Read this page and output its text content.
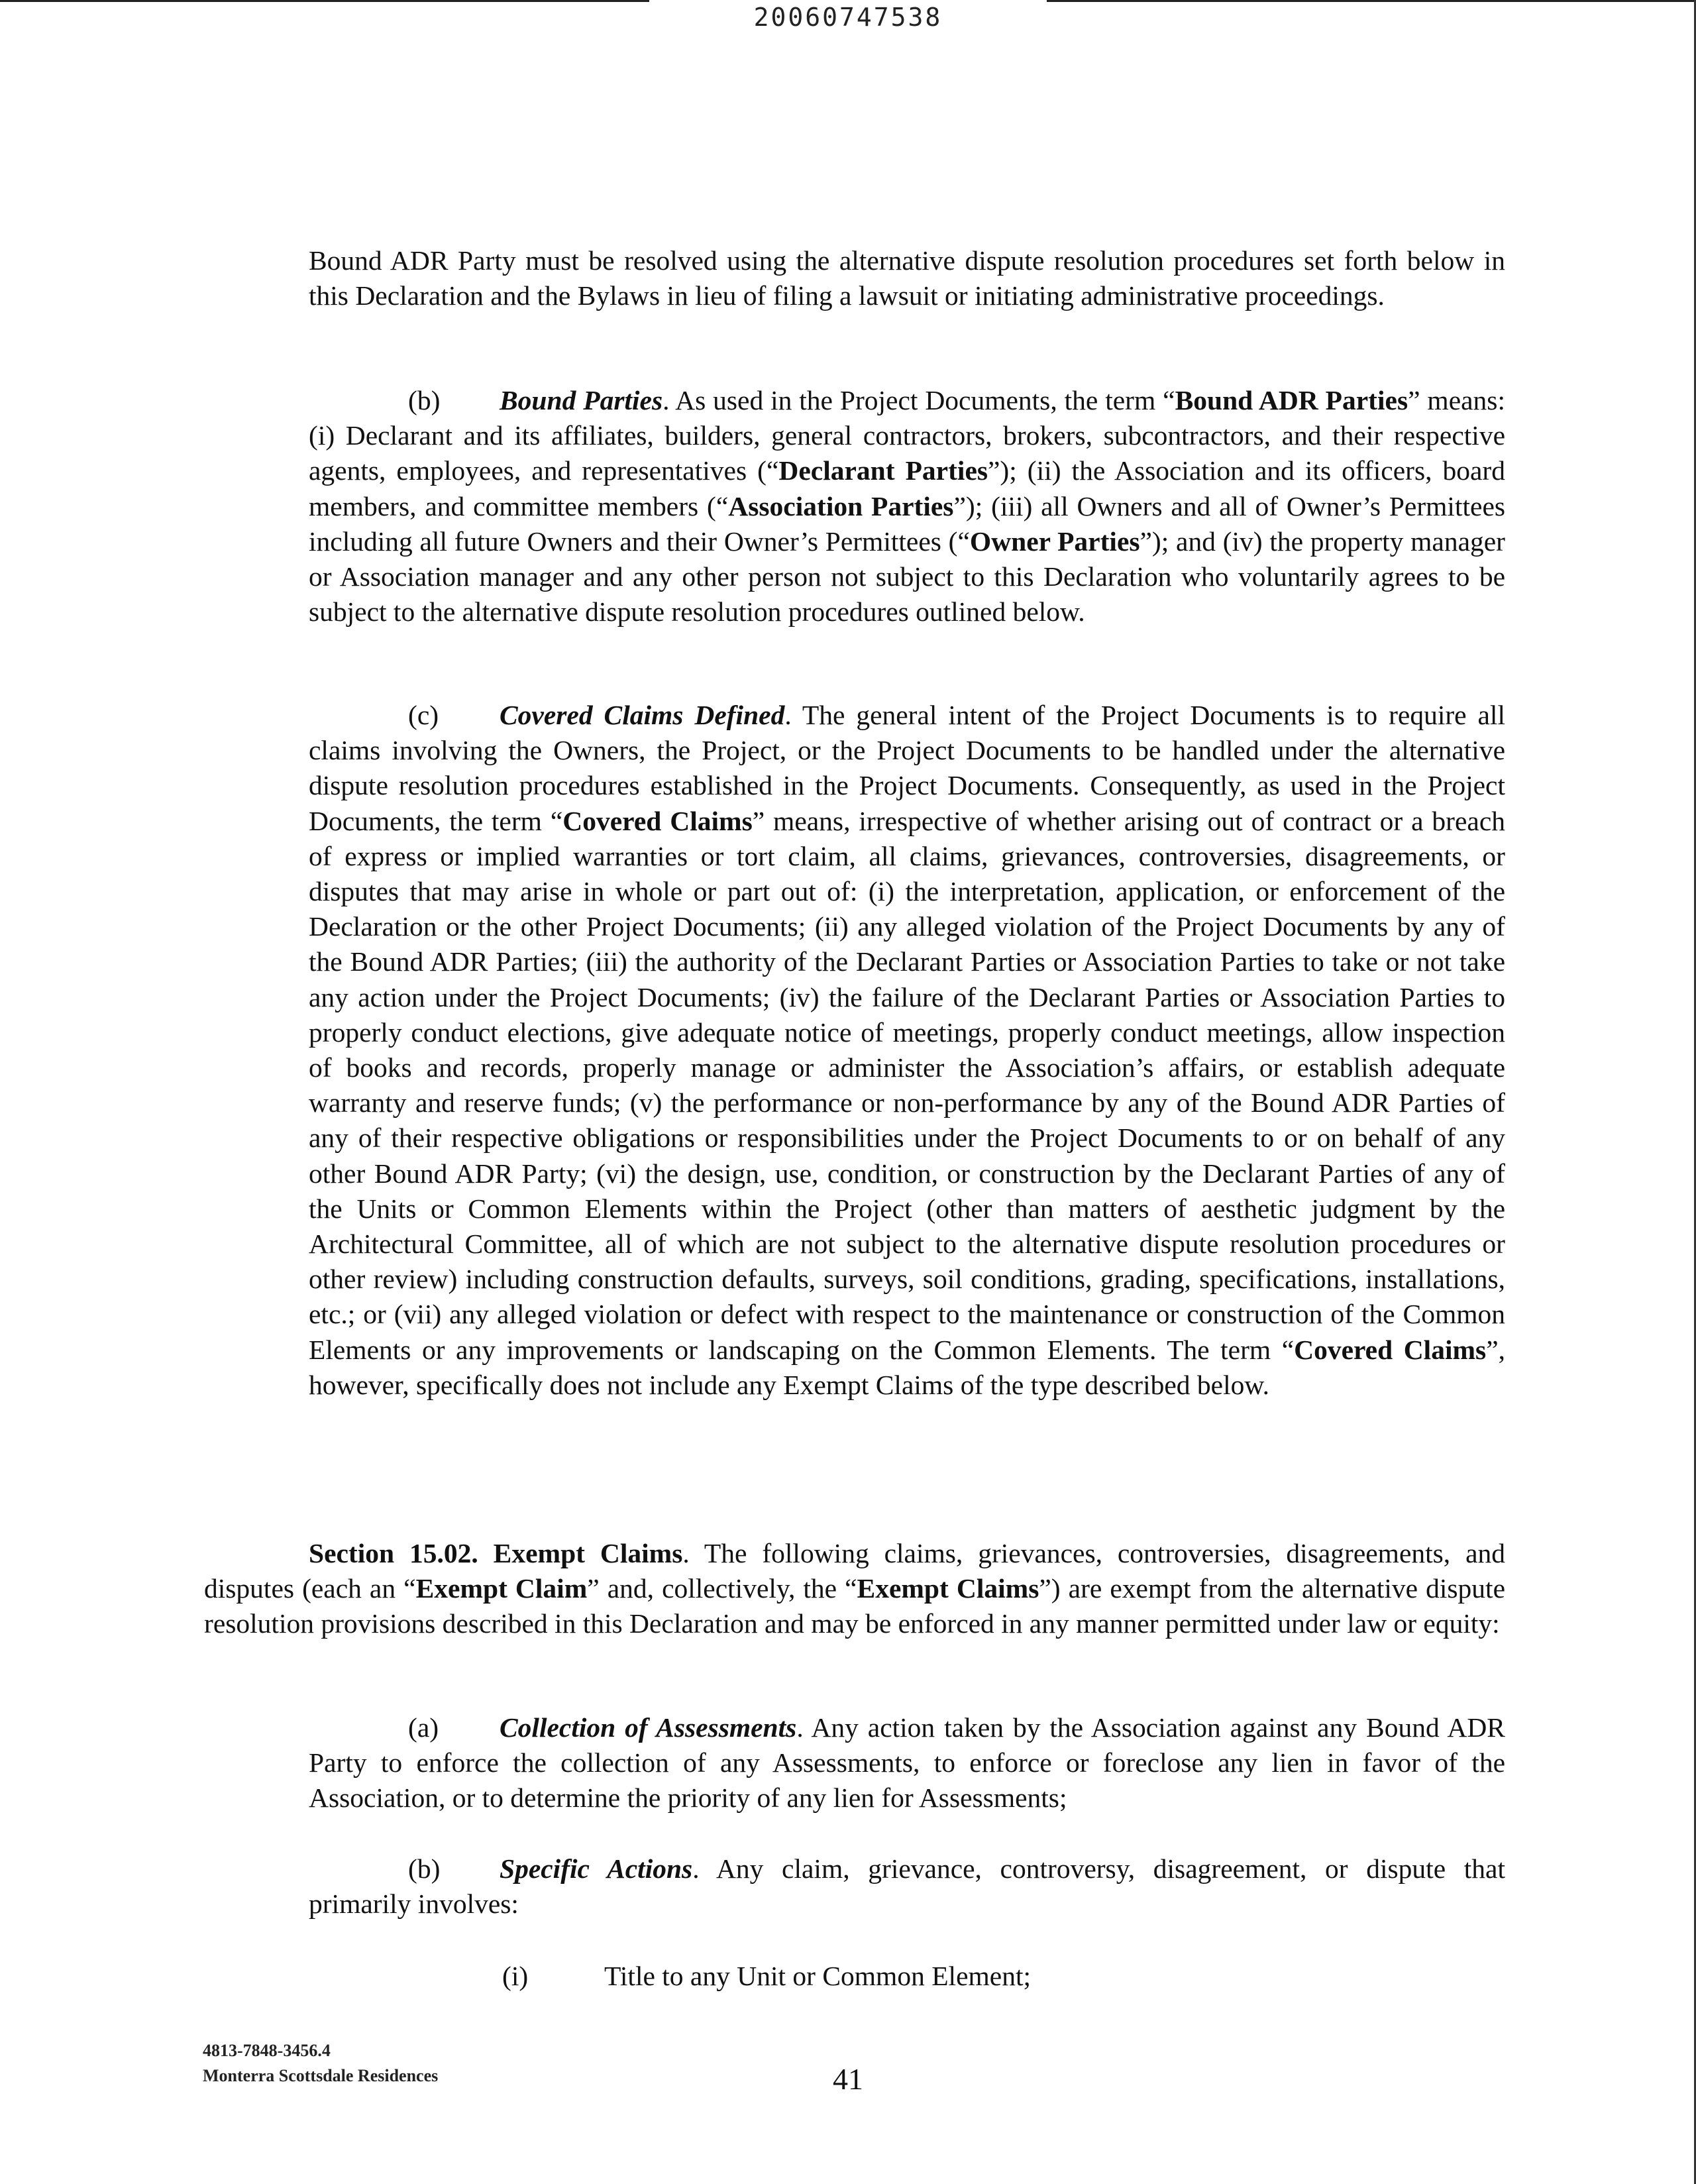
20060747538
Bound ADR Party must be resolved using the alternative dispute resolution procedures set forth below in this Declaration and the Bylaws in lieu of filing a lawsuit or initiating administrative proceedings.
(b) Bound Parties. As used in the Project Documents, the term “Bound ADR Parties” means: (i) Declarant and its affiliates, builders, general contractors, brokers, subcontractors, and their respective agents, employees, and representatives (“Declarant Parties”); (ii) the Association and its officers, board members, and committee members (“Association Parties”); (iii) all Owners and all of Owner’s Permittees including all future Owners and their Owner’s Permittees (“Owner Parties”); and (iv) the property manager or Association manager and any other person not subject to this Declaration who voluntarily agrees to be subject to the alternative dispute resolution procedures outlined below.
(c) Covered Claims Defined. The general intent of the Project Documents is to require all claims involving the Owners, the Project, or the Project Documents to be handled under the alternative dispute resolution procedures established in the Project Documents. Consequently, as used in the Project Documents, the term “Covered Claims” means, irrespective of whether arising out of contract or a breach of express or implied warranties or tort claim, all claims, grievances, controversies, disagreements, or disputes that may arise in whole or part out of: (i) the interpretation, application, or enforcement of the Declaration or the other Project Documents; (ii) any alleged violation of the Project Documents by any of the Bound ADR Parties; (iii) the authority of the Declarant Parties or Association Parties to take or not take any action under the Project Documents; (iv) the failure of the Declarant Parties or Association Parties to properly conduct elections, give adequate notice of meetings, properly conduct meetings, allow inspection of books and records, properly manage or administer the Association’s affairs, or establish adequate warranty and reserve funds; (v) the performance or non-performance by any of the Bound ADR Parties of any of their respective obligations or responsibilities under the Project Documents to or on behalf of any other Bound ADR Party; (vi) the design, use, condition, or construction by the Declarant Parties of any of the Units or Common Elements within the Project (other than matters of aesthetic judgment by the Architectural Committee, all of which are not subject to the alternative dispute resolution procedures or other review) including construction defaults, surveys, soil conditions, grading, specifications, installations, etc.; or (vii) any alleged violation or defect with respect to the maintenance or construction of the Common Elements or any improvements or landscaping on the Common Elements. The term “Covered Claims”, however, specifically does not include any Exempt Claims of the type described below.
Section 15.02. Exempt Claims. The following claims, grievances, controversies, disagreements, and disputes (each an “Exempt Claim” and, collectively, the “Exempt Claims”) are exempt from the alternative dispute resolution provisions described in this Declaration and may be enforced in any manner permitted under law or equity:
(a) Collection of Assessments. Any action taken by the Association against any Bound ADR Party to enforce the collection of any Assessments, to enforce or foreclose any lien in favor of the Association, or to determine the priority of any lien for Assessments;
(b) Specific Actions. Any claim, grievance, controversy, disagreement, or dispute that primarily involves:
(i)	Title to any Unit or Common Element;
4813-7848-3456.4
Monterra Scottsdale Residences	41
